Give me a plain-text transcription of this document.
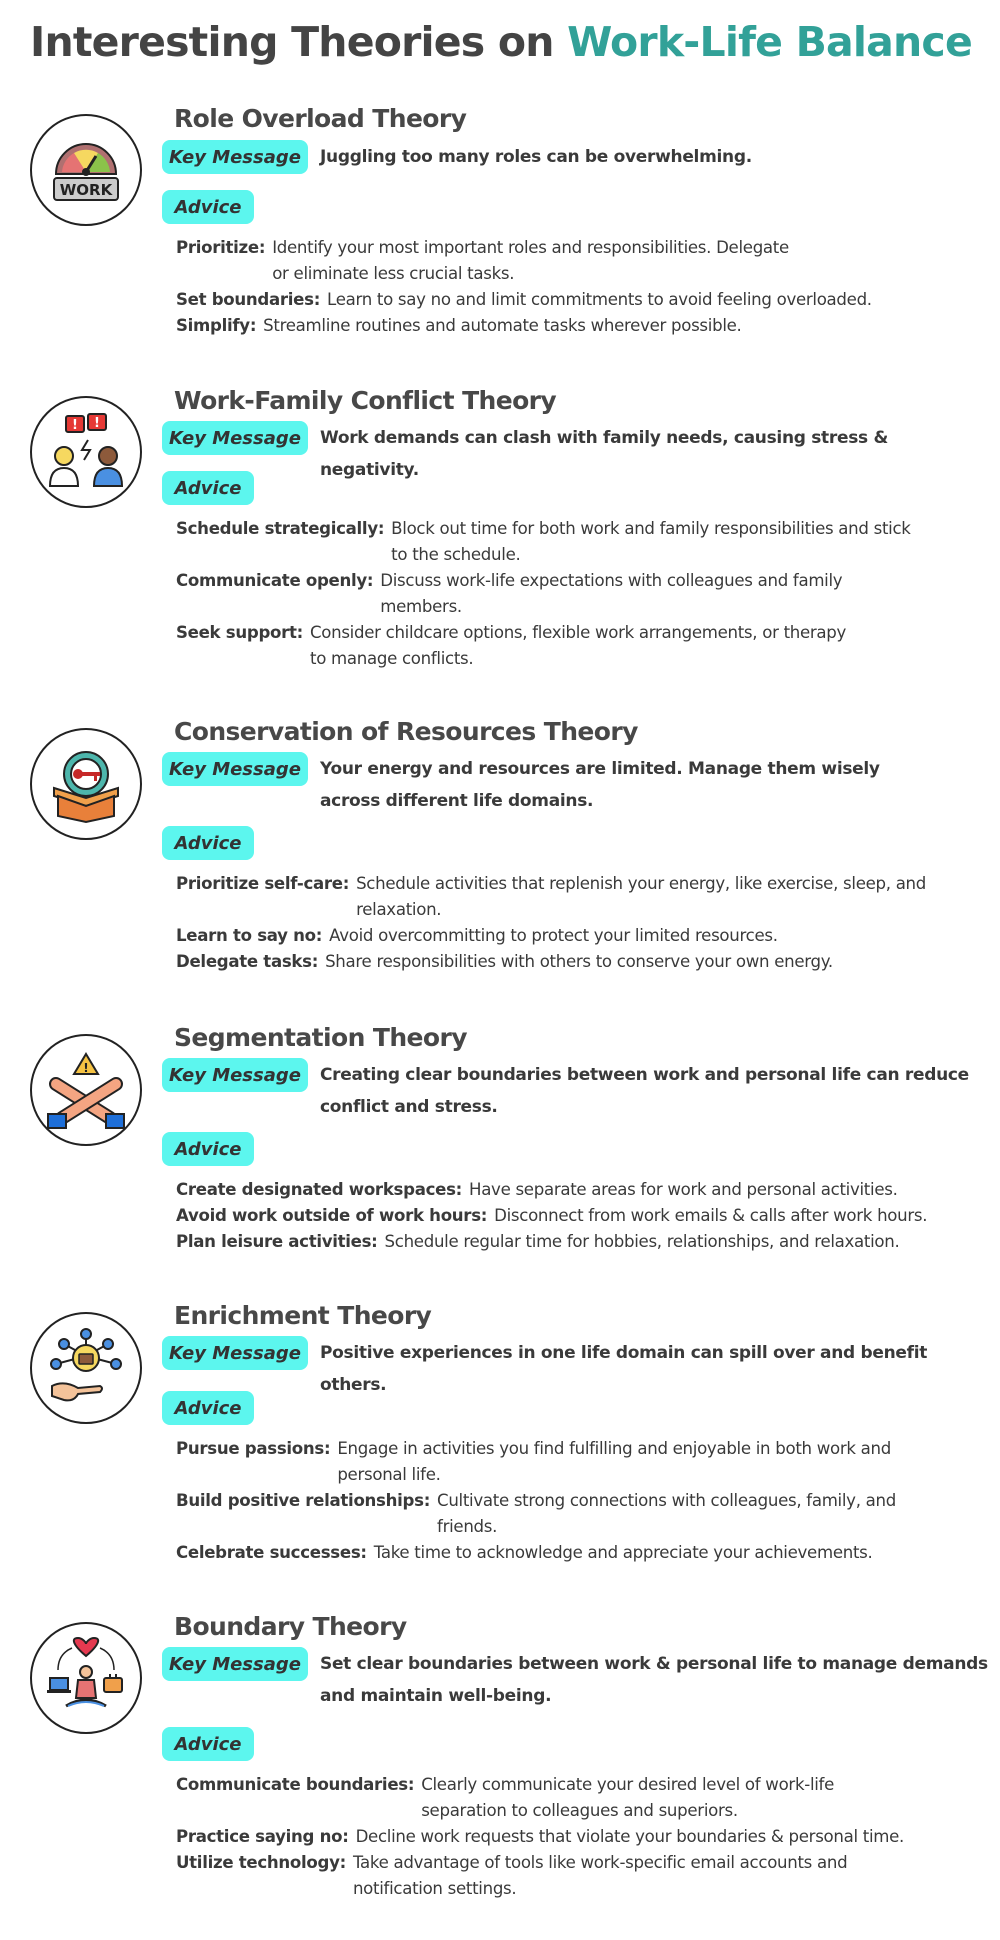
Interesting Theories on Work-Life Balance
WORK
Role Overload Theory
Key Message	Juggling too many roles can be overwhelming.

Advice
Prioritize: Identify your most important roles and responsibilities. Delegate or eliminate less crucial tasks.
Set boundaries: Learn to say no and limit commitments to avoid feeling overloaded.
Simplify: Streamline routines and automate tasks wherever possible.
! !
Work-Family Conflict Theory
Key Message	Work demands can clash with family needs, causing stress & negativity.

Advice
Schedule strategically: Block out time for both work and family responsibilities and stick to the schedule.
Communicate openly: Discuss work-life expectations with colleagues and family members.
Seek support: Consider childcare options, flexible work arrangements, or therapy to manage conflicts.
Conservation of Resources Theory
Key Message	Your energy and resources are limited. Manage them wisely across different life domains.

Advice
Prioritize self-care: Schedule activities that replenish your energy, like exercise, sleep, and relaxation.
Learn to say no: Avoid overcommitting to protect your limited resources.
Delegate tasks: Share responsibilities with others to conserve your own energy.
!
Segmentation Theory
Key Message	Creating clear boundaries between work and personal life can reduce conflict and stress.

Advice
Create designated workspaces: Have separate areas for work and personal activities.
Avoid work outside of work hours: Disconnect from work emails & calls after work hours.
Plan leisure activities: Schedule regular time for hobbies, relationships, and relaxation.
Enrichment Theory
Key Message	Positive experiences in one life domain can spill over and benefit others.

Advice
Pursue passions: Engage in activities you find fulfilling and enjoyable in both work and personal life.
Build positive relationships: Cultivate strong connections with colleagues, family, and friends.
Celebrate successes: Take time to acknowledge and appreciate your achievements.
Boundary Theory
Key Message	Set clear boundaries between work & personal life to manage demands and maintain well-being.

Advice
Communicate boundaries: Clearly communicate your desired level of work-life separation to colleagues and superiors.
Practice saying no: Decline work requests that violate your boundaries & personal time.
Utilize technology: Take advantage of tools like work-specific email accounts and notification settings.
